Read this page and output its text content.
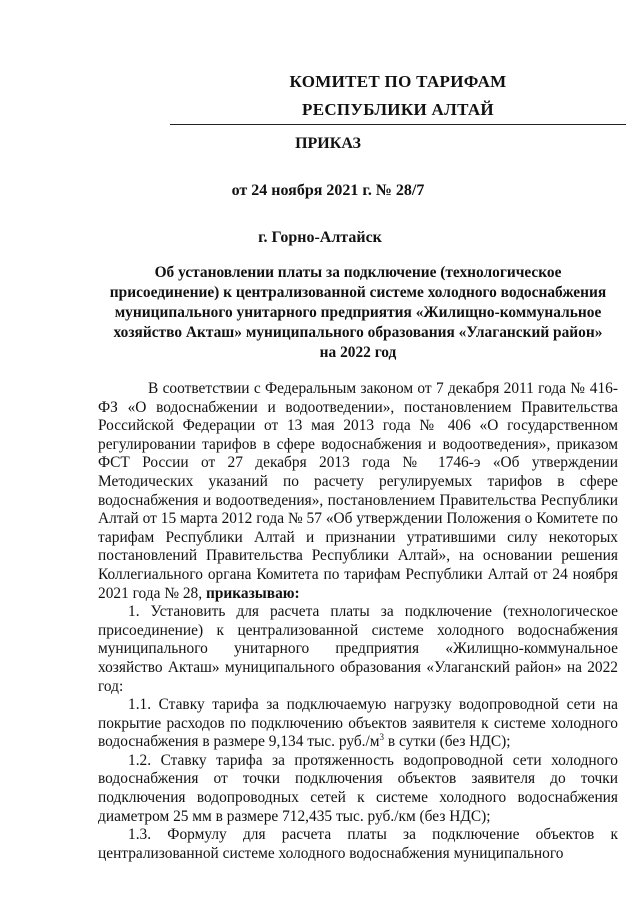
КОМИТЕТ ПО ТАРИФАМ
РЕСПУБЛИКИ АЛТАЙ
ПРИКАЗ
от 24 ноября 2021 г. № 28/7
г. Горно-Алтайск
Об установлении платы за подключение (технологическое
присоединение) к централизованной системе холодного водоснабжения
муниципального унитарного предприятия «Жилищно-коммунальное
хозяйство Акташ» муниципального образования «Улаганский район»
на 2022 год

В соответствии с Федеральным законом от 7 декабря 2011 года № 416-ФЗ «О водоснабжении и водоотведении», постановлением Правительства Российской Федерации от 13 мая 2013 года № 406 «О государственном регулировании тарифов в сфере водоснабжения и водоотведения», приказом ФСТ России от 27 декабря 2013 года № 1746-э «Об утверждении Методических указаний по расчету регулируемых тарифов в сфере водоснабжения и водоотведения», постановлением Правительства Республики Алтай от 15 марта 2012 года № 57 «Об утверждении Положения о Комитете по тарифам Республики Алтай и признании утратившими силу некоторых постановлений Правительства Республики Алтай», на основании решения Коллегиального органа Комитета по тарифам Республики Алтай от 24 ноября 2021 года № 28, приказываю:

1. Установить для расчета платы за подключение (технологическое присоединение) к централизованной системе холодного водоснабжения муниципального унитарного предприятия «Жилищно-коммунальное хозяйство Акташ» муниципального образования «Улаганский район» на 2022 год:

1.1. Ставку тарифа за подключаемую нагрузку водопроводной сети на покрытие расходов по подключению объектов заявителя к системе холодного водоснабжения в размере 9,134 тыс. $руб./м^3$ в сутки (без НДС);

1.2. Ставку тарифа за протяженность водопроводной сети холодного водоснабжения от точки подключения объектов заявителя до точки подключения водопроводных сетей к системе холодного водоснабжения диаметром 25 мм в размере 712,435 тыс. руб./км (без НДС);

1.3. Формулу для расчета платы за подключение объектов к централизованной системе холодного водоснабжения муниципального
